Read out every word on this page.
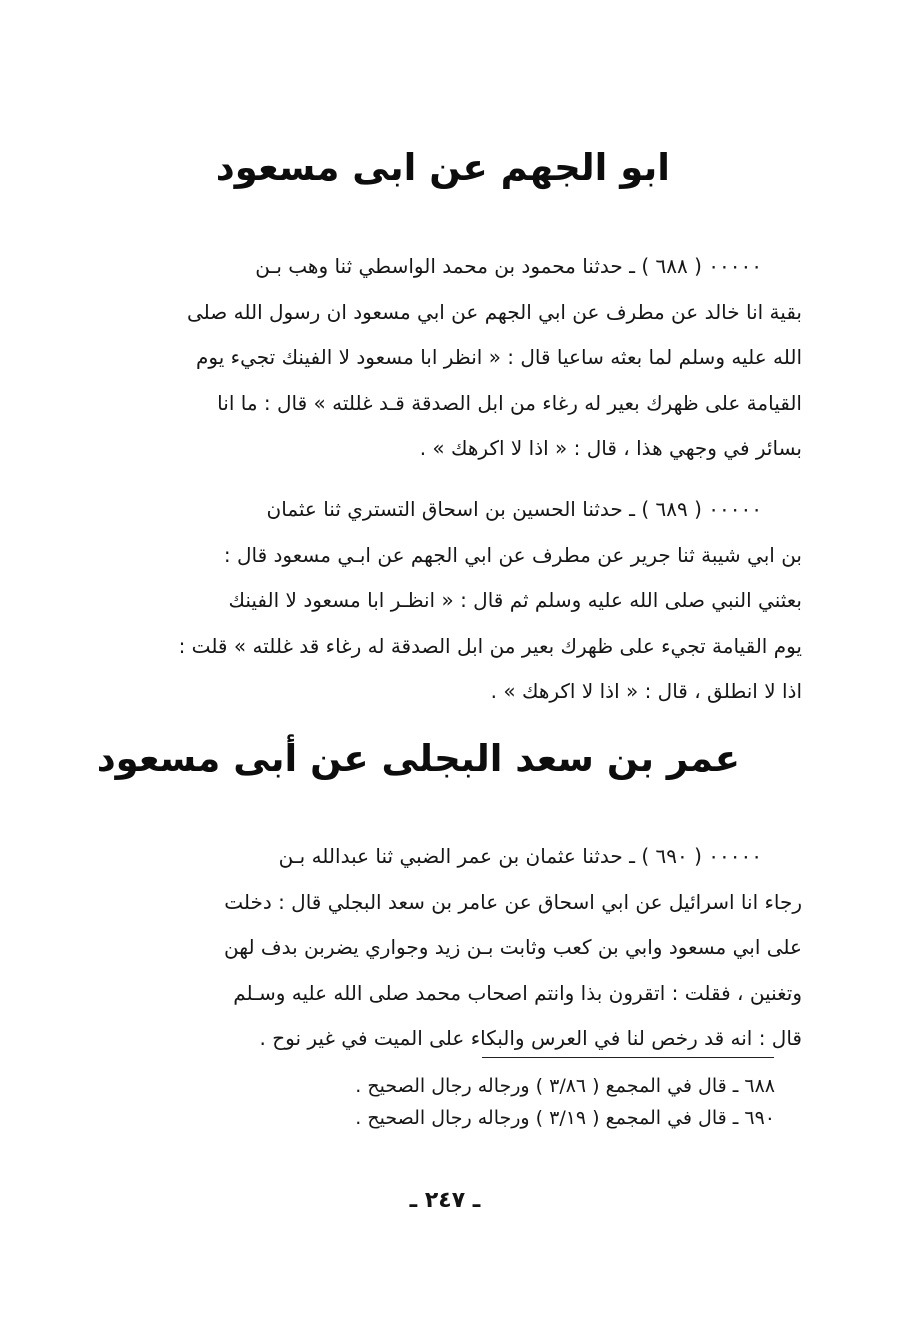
ابو الجهم عن ابى مسعود
٠٠٠٠٠ ( ٦٨٨ ) ـ حدثنا محمود بن محمد الواسطي ثنا وهب بـن
بقية انا خالد عن مطرف عن ابي الجهم عن ابي مسعود ان رسول الله صلى
الله عليه وسلم لما بعثه ساعيا قال : « انظر ابا مسعود لا الفينك تجيء يوم
القيامة على ظهرك بعير له رغاء من ابل الصدقة قـد غللته » قال : ما انا
بسائر في وجهي هذا ، قال : « اذا لا اكرهك » .
٠٠٠٠٠ ( ٦٨٩ ) ـ حدثنا الحسين بن اسحاق التستري ثنا عثمان
بن ابي شيبة ثنا جرير عن مطرف عن ابي الجهم عن ابـي مسعود قال :
بعثني النبي صلى الله عليه وسلم ثم قال : « انظـر ابا مسعود لا الفينك
يوم القيامة تجيء على ظهرك بعير من ابل الصدقة له رغاء قد غللته » قلت :
اذا لا انطلق ، قال : « اذا لا اكرهك » .
عمر بن سعد البجلى عن أبى مسعود
٠٠٠٠٠ ( ٦٩٠ ) ـ حدثنا عثمان بن عمر الضبي ثنا عبدالله بـن
رجاء انا اسرائيل عن ابي اسحاق عن عامر بن سعد البجلي قال : دخلت
على ابي مسعود وابي بن كعب وثابت بـن زيد وجواري يضربن بدف لهن
وتغنين ، فقلت : اتقرون بذا وانتم اصحاب محمد صلى الله عليه وسـلم
قال : انه قد رخص لنا في العرس والبكاء على الميت في غير نوح .
٦٨٨ ـ قال في المجمع ( ٣/٨٦ ) ورجاله رجال الصحيح .
٦٩٠ ـ قال في المجمع ( ٣/١٩ ) ورجاله رجال الصحيح .
ـ ٢٤٧ ـ
